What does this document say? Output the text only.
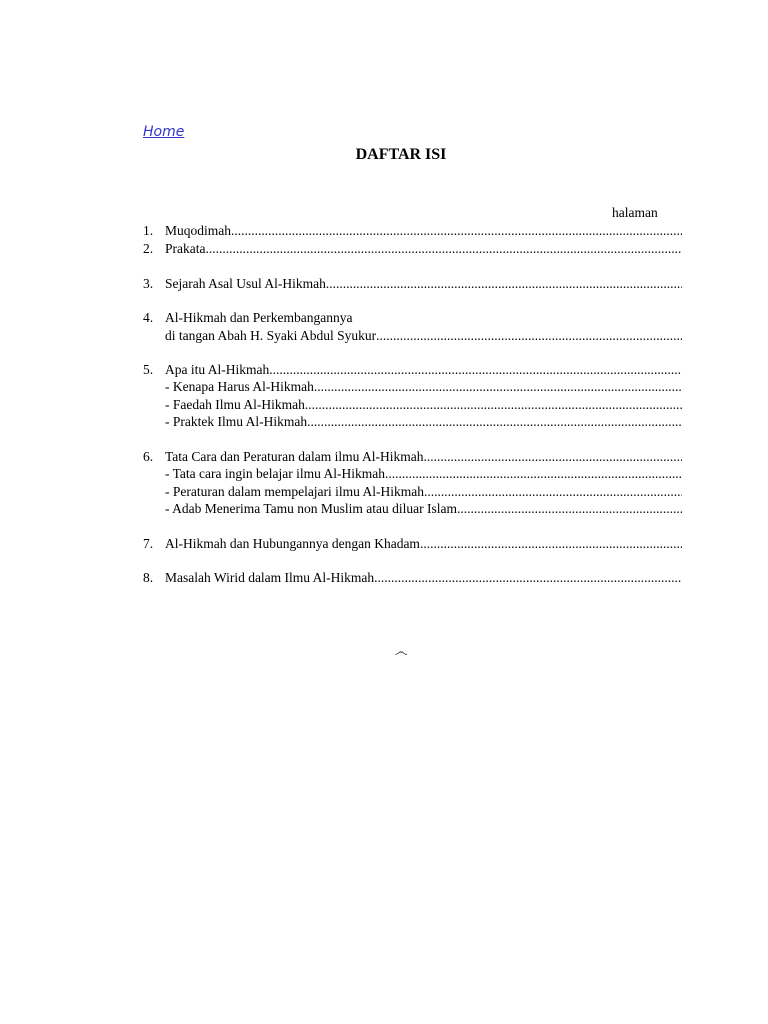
Home
DAFTAR ISI
halaman
1. Muqodimah
.....
2. Prakata
.....
3. Sejarah Asal Usul Al-Hikmah
.....
4. Al-Hikmah dan Perkembangannya
di tangan Abah H. Syaki Abdul Syukur
.....
5. Apa itu Al-Hikmah
.....
- Kenapa Harus Al-Hikmah
.....
- Faedah Ilmu Al-Hikmah
.....
- Praktek Ilmu Al-Hikmah
.....
6. Tata Cara dan Peraturan dalam ilmu Al-Hikmah
.....
- Tata cara ingin belajar ilmu Al-Hikmah
.....
- Peraturan dalam mempelajari ilmu Al-Hikmah
.....
- Adab Menerima Tamu non Muslim atau diluar Islam
.....
7. Al-Hikmah dan Hubungannya dengan Khadam
.....
8. Masalah Wirid dalam Ilmu Al-Hikmah
.....
෴
